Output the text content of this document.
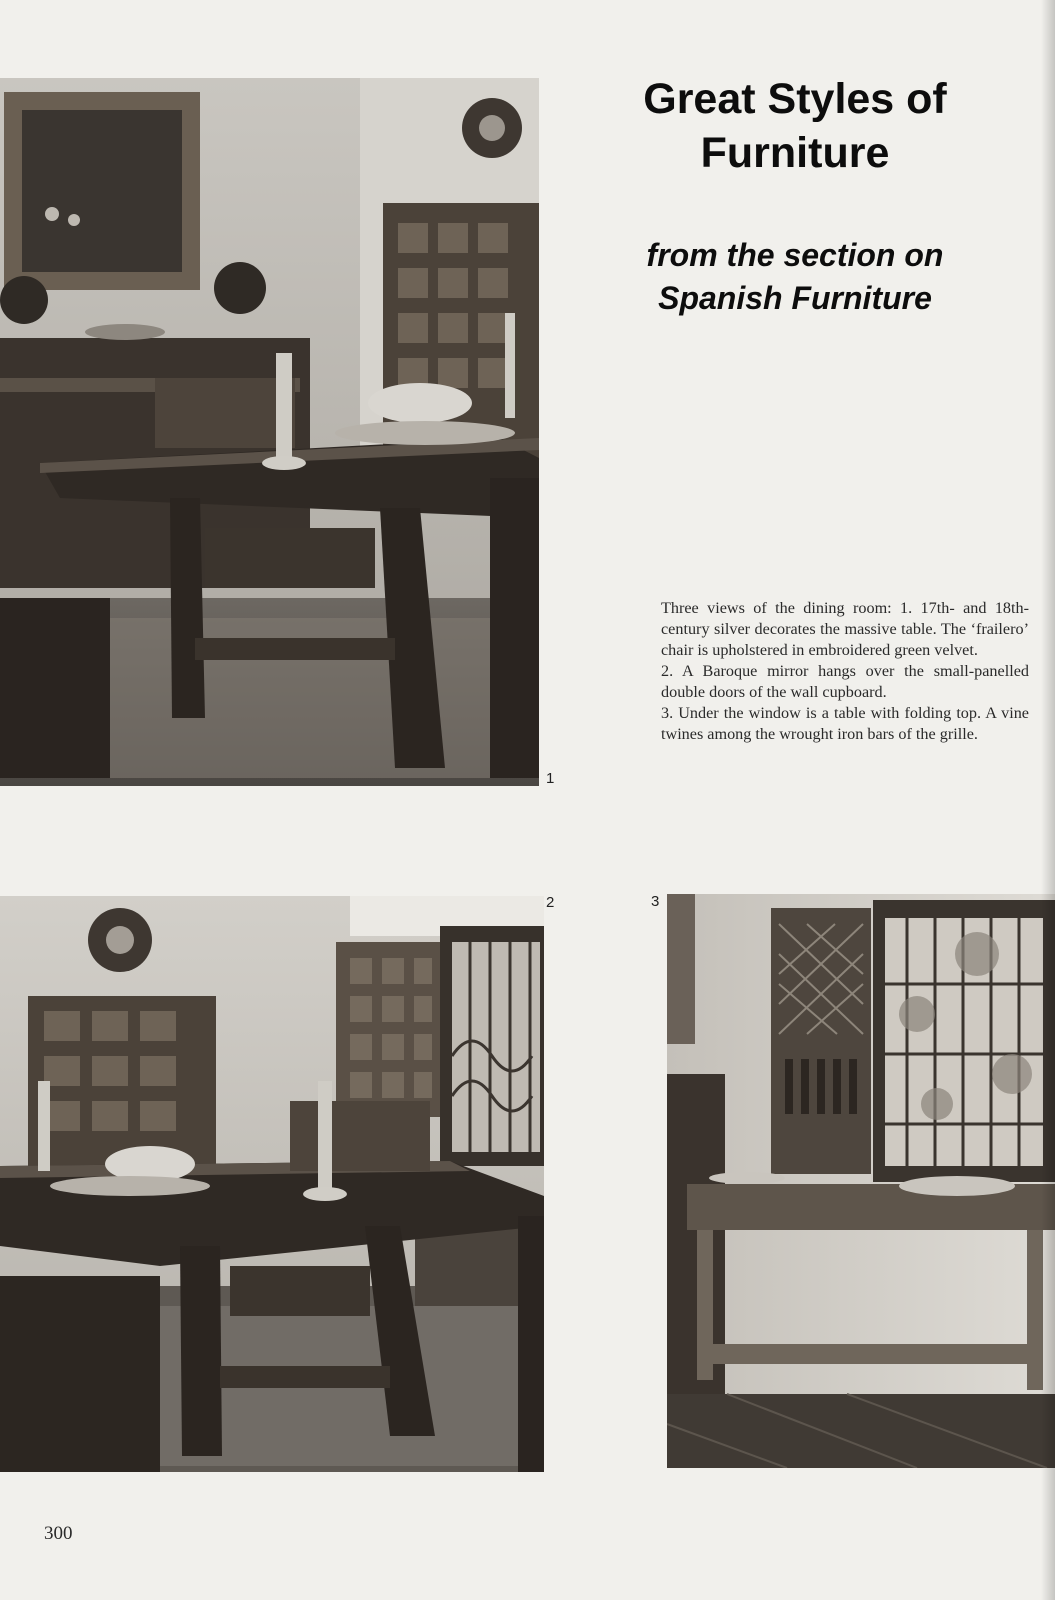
Great Styles of
Furniture
from the section on
Spanish Furniture
1

Three views of the dining room: 1. 17th- and 18th-century silver decorates the massive table. The ‘frailero’ chair is upholstered in embroidered green velvet.

2. A Baroque mirror hangs over the small-panelled double doors of the wall cupboard.

3. Under the window is a table with folding top. A vine twines among the wrought iron bars of the grille.

2	3
300
